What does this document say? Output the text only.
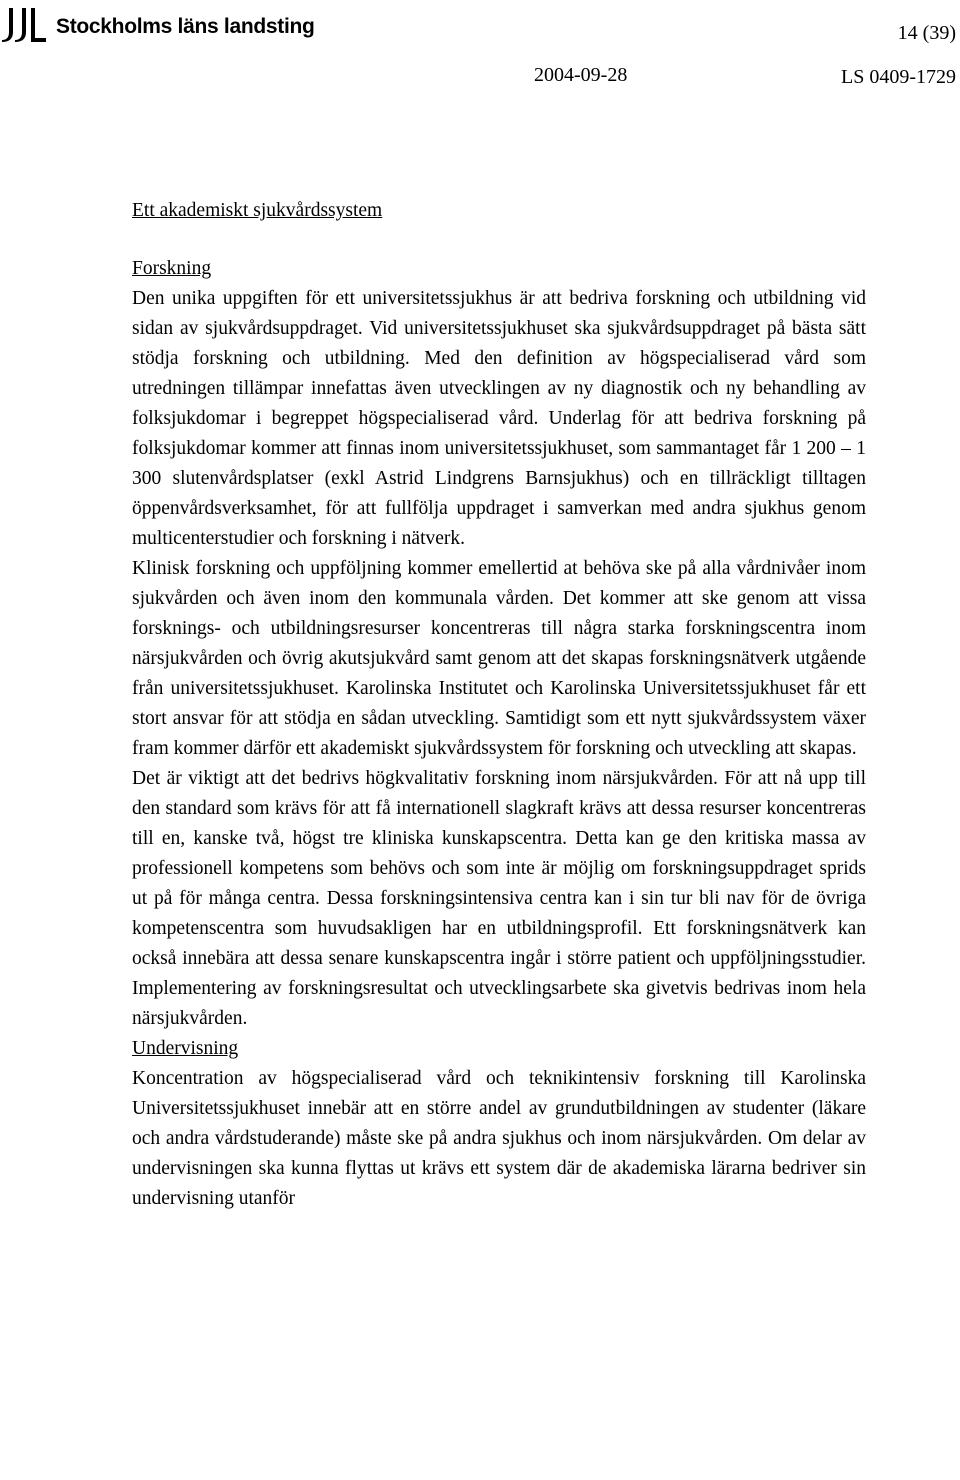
Stockholms läns landsting	14 (39)
2004-09-28	LS 0409-1729

Ett akademiskt sjukvårdssystem

Forskning

Den unika uppgiften för ett universitetssjukhus är att bedriva forskning och utbildning vid sidan av sjukvårdsuppdraget. Vid universitetssjukhuset ska sjukvårdsuppdraget på bästa sätt stödja forskning och utbildning. Med den definition av högspecialiserad vård som utredningen tillämpar innefattas även utvecklingen av ny diagnostik och ny behandling av folksjukdomar i begreppet högspecialiserad vård. Underlag för att bedriva forskning på folksjukdomar kommer att finnas inom universitetssjukhuset, som sammantaget får 1 200 – 1 300 slutenvårdsplatser (exkl Astrid Lindgrens Barnsjukhus) och en tillräckligt tilltagen öppenvårdsverksamhet, för att fullfölja uppdraget i samverkan med andra sjukhus genom multicenterstudier och forskning i nätverk.

Klinisk forskning och uppföljning kommer emellertid at behöva ske på alla vårdnivåer inom sjukvården och även inom den kommunala vården. Det kommer att ske genom att vissa forsknings- och utbildningsresurser koncentreras till några starka forskningscentra inom närsjukvården och övrig akutsjukvård samt genom att det skapas forskningsnätverk utgående från universitetssjukhuset. Karolinska Institutet och Karolinska Universitetssjukhuset får ett stort ansvar för att stödja en sådan utveckling. Samtidigt som ett nytt sjukvårdssystem växer fram kommer därför ett akademiskt sjukvårdssystem för forskning och utveckling att skapas.

Det är viktigt att det bedrivs högkvalitativ forskning inom närsjukvården. För att nå upp till den standard som krävs för att få internationell slagkraft krävs att dessa resurser koncentreras till en, kanske två, högst tre kliniska kunskapscentra. Detta kan ge den kritiska massa av professionell kompetens som behövs och som inte är möjlig om forskningsuppdraget sprids ut på för många centra. Dessa forskningsintensiva centra kan i sin tur bli nav för de övriga kompetenscentra som huvudsakligen har en utbildningsprofil. Ett forskningsnätverk kan också innebära att dessa senare kunskapscentra ingår i större patient och uppföljningsstudier. Implementering av forskningsresultat och utvecklingsarbete ska givetvis bedrivas inom hela närsjukvården.

Undervisning

Koncentration av högspecialiserad vård och teknikintensiv forskning till Karolinska Universitetssjukhuset innebär att en större andel av grundutbildningen av studenter (läkare och andra vårdstuderande) måste ske på andra sjukhus och inom närsjukvården. Om delar av undervisningen ska kunna flyttas ut krävs ett system där de akademiska lärarna bedriver sin undervisning utanför
